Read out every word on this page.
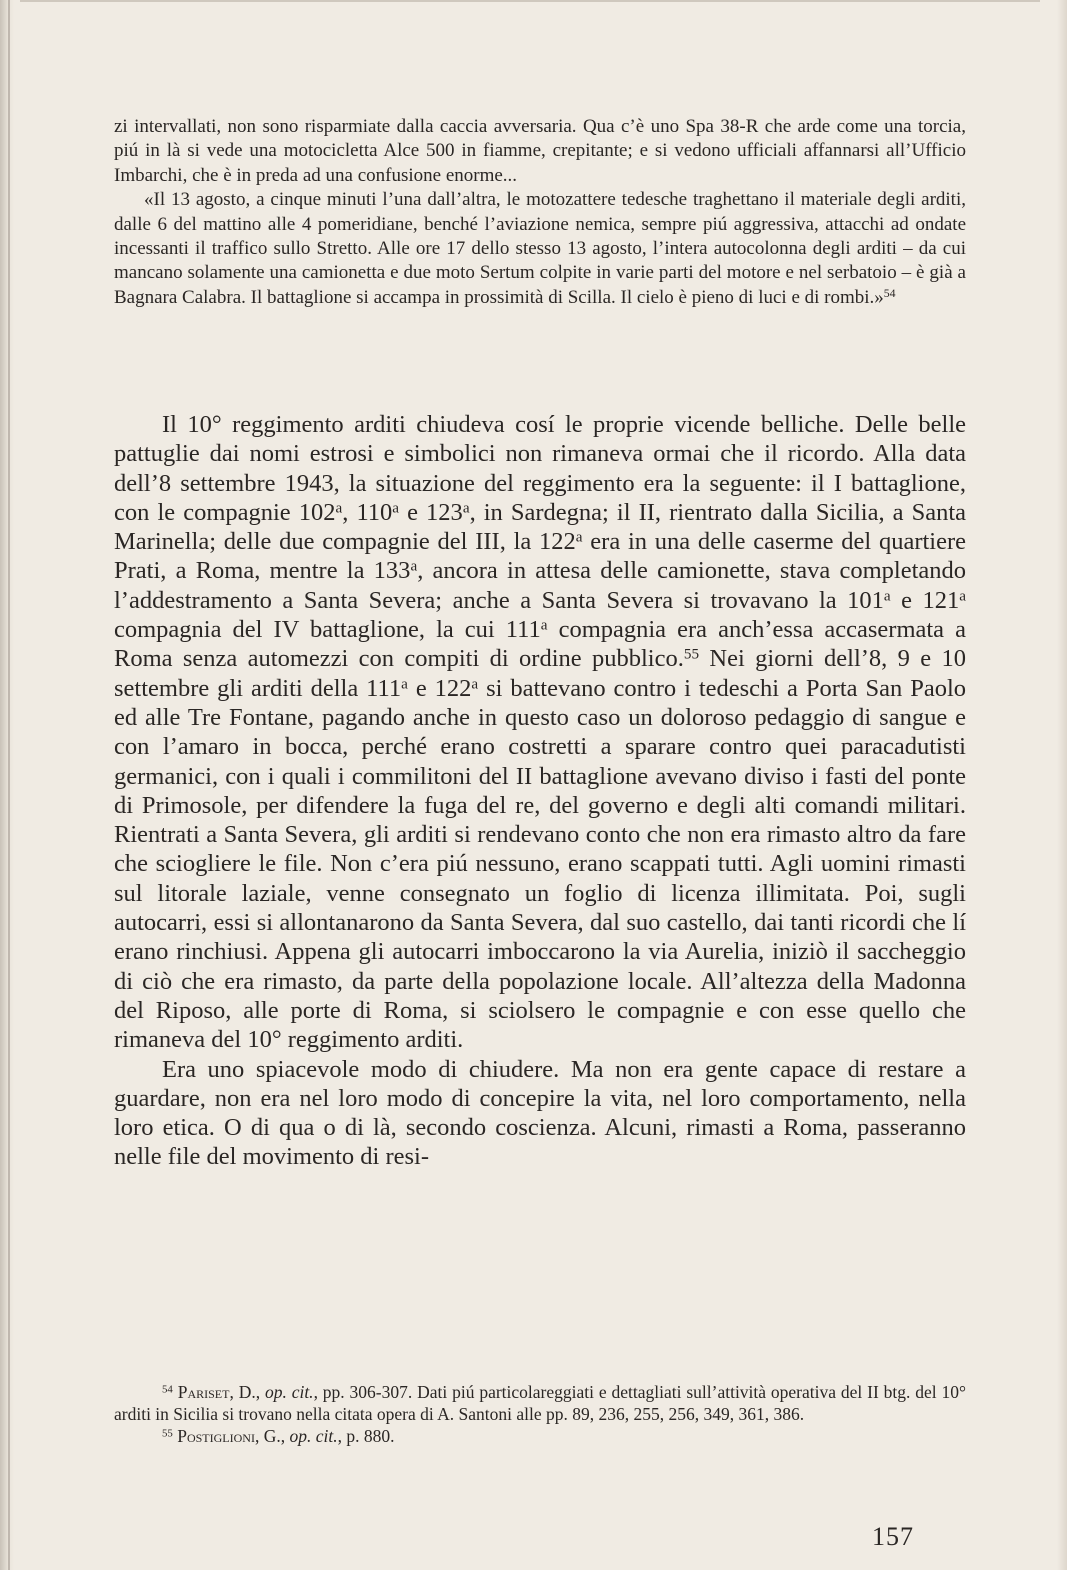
zi intervallati, non sono risparmiate dalla caccia avversaria. Qua c’è uno Spa 38-R che arde come una torcia, piú in là si vede una motocicletta Alce 500 in fiamme, crepitante; e si vedono ufficiali affannarsi all’Ufficio Imbarchi, che è in preda ad una confusione enorme...

«Il 13 agosto, a cinque minuti l’una dall’altra, le motozattere tedesche traghettano il materiale degli arditi, dalle 6 del mattino alle 4 pomeridiane, benché l’aviazione nemica, sempre piú aggressiva, attacchi ad ondate incessanti il traffico sullo Stretto. Alle ore 17 dello stesso 13 agosto, l’intera autocolonna degli arditi – da cui mancano solamente una camionetta e due moto Sertum colpite in varie parti del motore e nel serbatoio – è già a Bagnara Calabra. Il battaglione si accampa in prossimità di Scilla. Il cielo è pieno di luci e di rombi.»$^{54}$

Il 10° reggimento arditi chiudeva cosí le proprie vicende belliche. Delle belle pattuglie dai nomi estrosi e simbolici non rimaneva ormai che il ricordo. Alla data dell’8 settembre 1943, la situazione del reggimento era la seguente: il I battaglione, con le compagnie 102$^a$, 110$^a$ e 123$^a$, in Sardegna; il II, rientrato dalla Sicilia, a Santa Marinella; delle due compagnie del III, la 122$^a$ era in una delle caserme del quartiere Prati, a Roma, mentre la 133$^a$, ancora in attesa delle camionette, stava completando l’addestramento a Santa Severa; anche a Santa Severa si trovavano la 101$^a$ e 121$^a$ compagnia del IV battaglione, la cui 111$^a$ compagnia era anch’essa accasermata a Roma senza automezzi con compiti di ordine pubblico.$^{55}$ Nei giorni dell’8, 9 e 10 settembre gli arditi della 111$^a$ e 122$^a$ si battevano contro i tedeschi a Porta San Paolo ed alle Tre Fontane, pagando anche in questo caso un doloroso pedaggio di sangue e con l’amaro in bocca, perché erano costretti a sparare contro quei paracadutisti germanici, con i quali i commilitoni del II battaglione avevano diviso i fasti del ponte di Primosole, per difendere la fuga del re, del governo e degli alti comandi militari. Rientrati a Santa Severa, gli arditi si rendevano conto che non era rimasto altro da fare che sciogliere le file. Non c’era piú nessuno, erano scappati tutti. Agli uomini rimasti sul litorale laziale, venne consegnato un foglio di licenza illimitata. Poi, sugli autocarri, essi si allontanarono da Santa Severa, dal suo castello, dai tanti ricordi che lí erano rinchiusi. Appena gli autocarri imboccarono la via Aurelia, iniziò il saccheggio di ciò che era rimasto, da parte della popolazione locale. All’altezza della Madonna del Riposo, alle porte di Roma, si sciolsero le compagnie e con esse quello che rimaneva del 10° reggimento arditi.

Era uno spiacevole modo di chiudere. Ma non era gente capace di restare a guardare, non era nel loro modo di concepire la vita, nel loro comportamento, nella loro etica. O di qua o di là, secondo coscienza. Alcuni, rimasti a Roma, passeranno nelle file del movimento di resi-

$^{54}$ Pariset, D., op. cit., pp. 306-307. Dati piú particolareggiati e dettagliati sull’attività operativa del II btg. del 10° arditi in Sicilia si trovano nella citata opera di A. Santoni alle pp. 89, 236, 255, 256, 349, 361, 386.

$^{55}$ Postiglioni, G., op. cit., p. 880.

157
